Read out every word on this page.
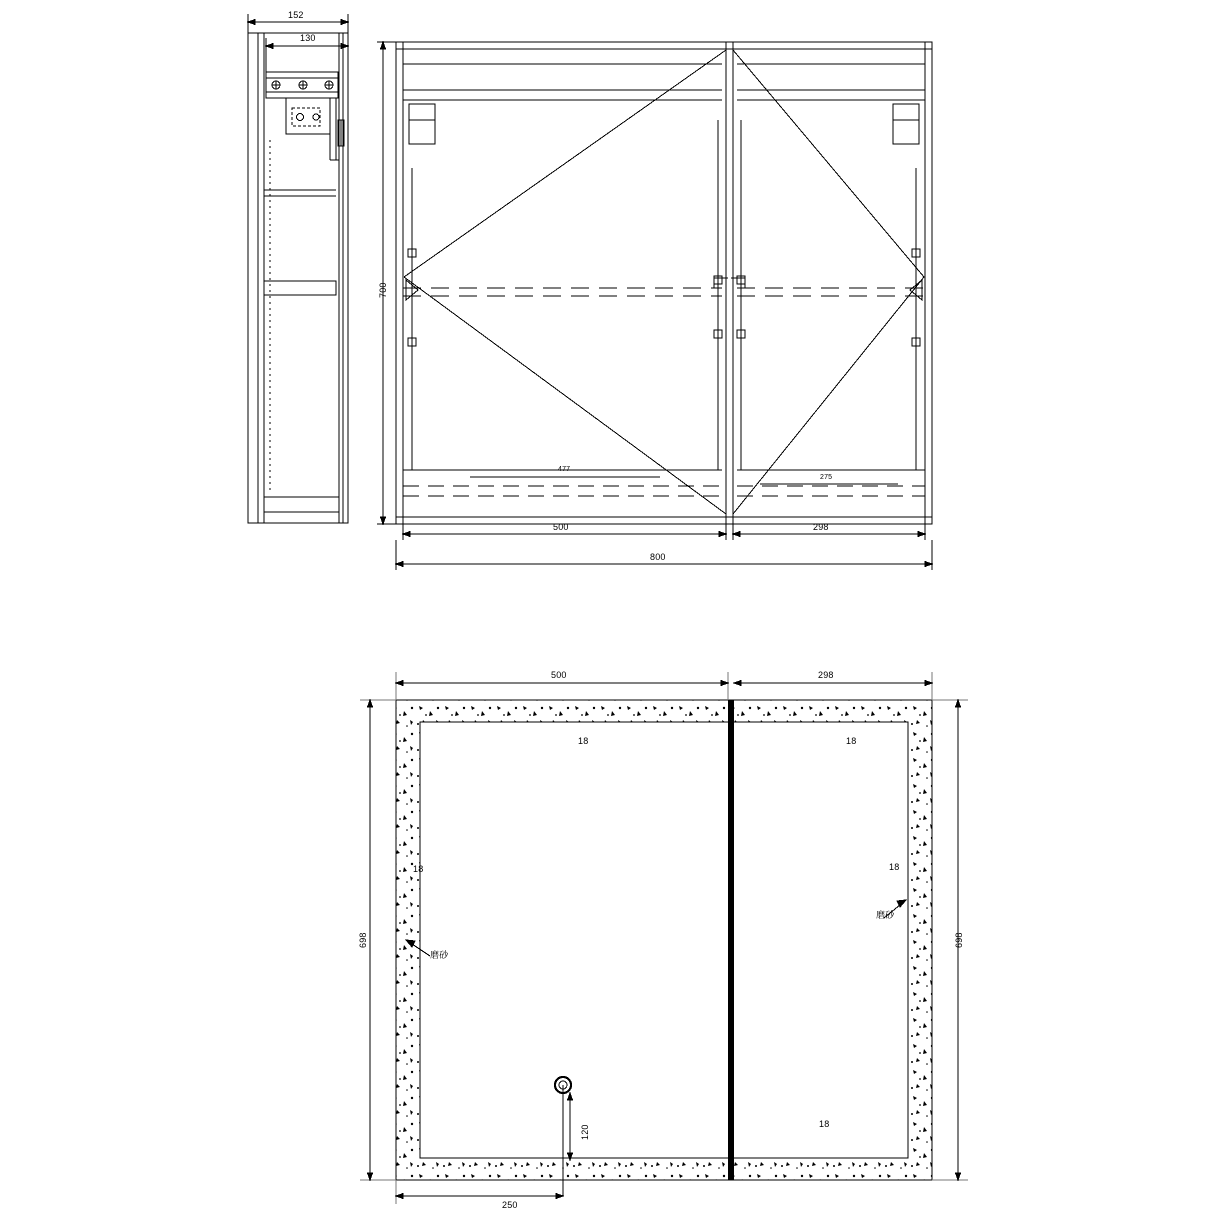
152
130
700
800
500	298
477
275
500	298
698	698
18	18
18	18
18
120
250
磨砂
磨砂
